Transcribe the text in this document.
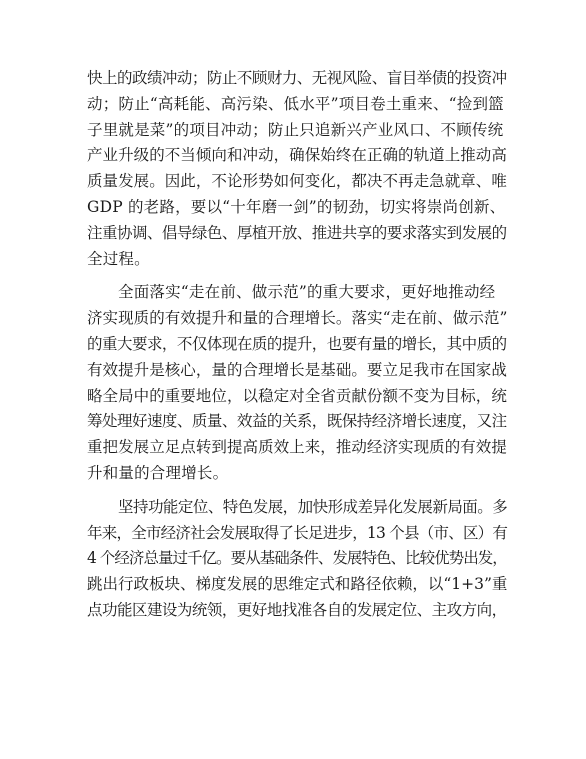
快上的政绩冲动；防止不顾财力、无视风险、盲目举债的投资冲
动；防止“高耗能、高污染、低水平”项目卷土重来、“捡到篮
子里就是菜”的项目冲动；防止只追新兴产业风口、不顾传统
产业升级的不当倾向和冲动，确保始终在正确的轨道上推动高
质量发展。因此，不论形势如何变化，都决不再走急就章、唯
GDP 的老路，要以“十年磨一剑”的韧劲，切实将崇尚创新、
注重协调、倡导绿色、厚植开放、推进共享的要求落实到发展的
全过程。

全面落实“走在前、做示范”的重大要求，更好地推动经
济实现质的有效提升和量的合理增长。落实“走在前、做示范”
的重大要求，不仅体现在质的提升，也要有量的增长，其中质的
有效提升是核心，量的合理增长是基础。要立足我市在国家战
略全局中的重要地位，以稳定对全省贡献份额不变为目标，统
筹处理好速度、质量、效益的关系，既保持经济增长速度，又注
重把发展立足点转到提高质效上来，推动经济实现质的有效提
升和量的合理增长。

坚持功能定位、特色发展，加快形成差异化发展新局面。多
年来，全市经济社会发展取得了长足进步，13 个县（市、区）有
4 个经济总量过千亿。要从基础条件、发展特色、比较优势出发，
跳出行政板块、梯度发展的思维定式和路径依赖，以“1+3”重
点功能区建设为统领，更好地找准各自的发展定位、主攻方向，
